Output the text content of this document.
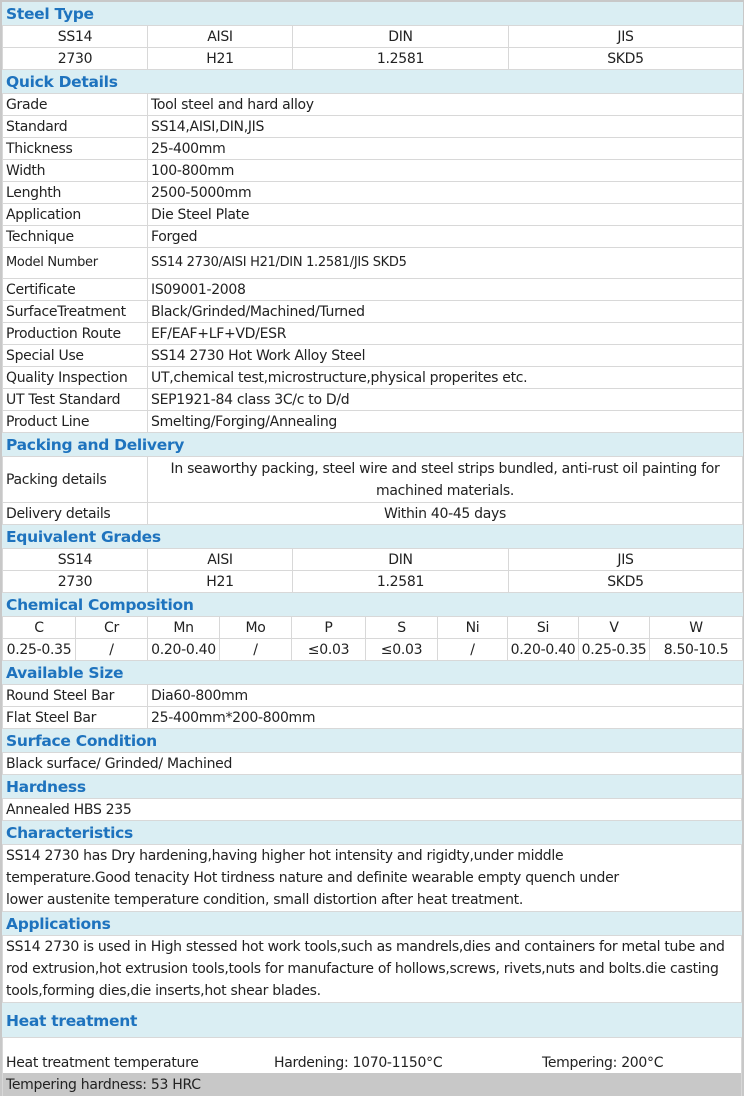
Steel Type			
SS14	AISI	DIN	JIS
2730	H21	1.2581	SKD5
Quick Details	
Grade	Tool steel and hard alloy
Standard	SS14,AISI,DIN,JIS
Thickness	25-400mm
Width	100-800mm
Lenghth	2500-5000mm
Application	Die Steel Plate
Technique	Forged
Model Number	SS14 2730/AISI H21/DIN 1.2581/JIS SKD5
Certificate	IS09001-2008
SurfaceTreatment	Black/Grinded/Machined/Turned
Production Route	EF/EAF+LF+VD/ESR
Special Use	SS14 2730 Hot Work Alloy Steel
Quality Inspection	UT,chemical test,microstructure,physical properites etc.
UT Test Standard	SEP1921-84 class 3C/c to D/d
Product Line	Smelting/Forging/Annealing
Packing and Delivery	
Packing details	In seaworthy packing, steel wire and steel strips bundled, anti-rust oil painting for machined materials.
Delivery details	Within 40-45 days
Equivalent Grades			
SS14	AISI	DIN	JIS
2730	H21	1.2581	SKD5
Chemical Composition									
C	Cr	Mn	Mo	P	S	Ni	Si	V	W
0.25-0.35	/	0.20-0.40	/	≤0.03	≤0.03	/	0.20-0.40	0.25-0.35	8.50-10.5
Available Size	
Round Steel Bar	Dia60-800mm
Flat Steel Bar	25-400mm*200-800mm
Surface Condition
Black surface/ Grinded/ Machined
Hardness
Annealed HBS 235
Characteristics
SS14 2730 has Dry hardening,having higher hot intensity and rigidty,under middle temperature.Good tenacity Hot tirdness nature and definite wearable empty quench under lower austenite temperature condition, small distortion after heat treatment.
Applications
SS14 2730 is used in High stessed hot work tools,such as mandrels,dies and containers for metal tube and rod extrusion,hot extrusion tools,tools for manufacture of hollows,screws, rivets,nuts and bolts.die casting tools,forming dies,die inserts,hot shear blades.
Heat treatment

Heat treatment temperature	Hardening: 1070-1150°C	Tempering: 200°C
Tempering hardness: 53 HRC
